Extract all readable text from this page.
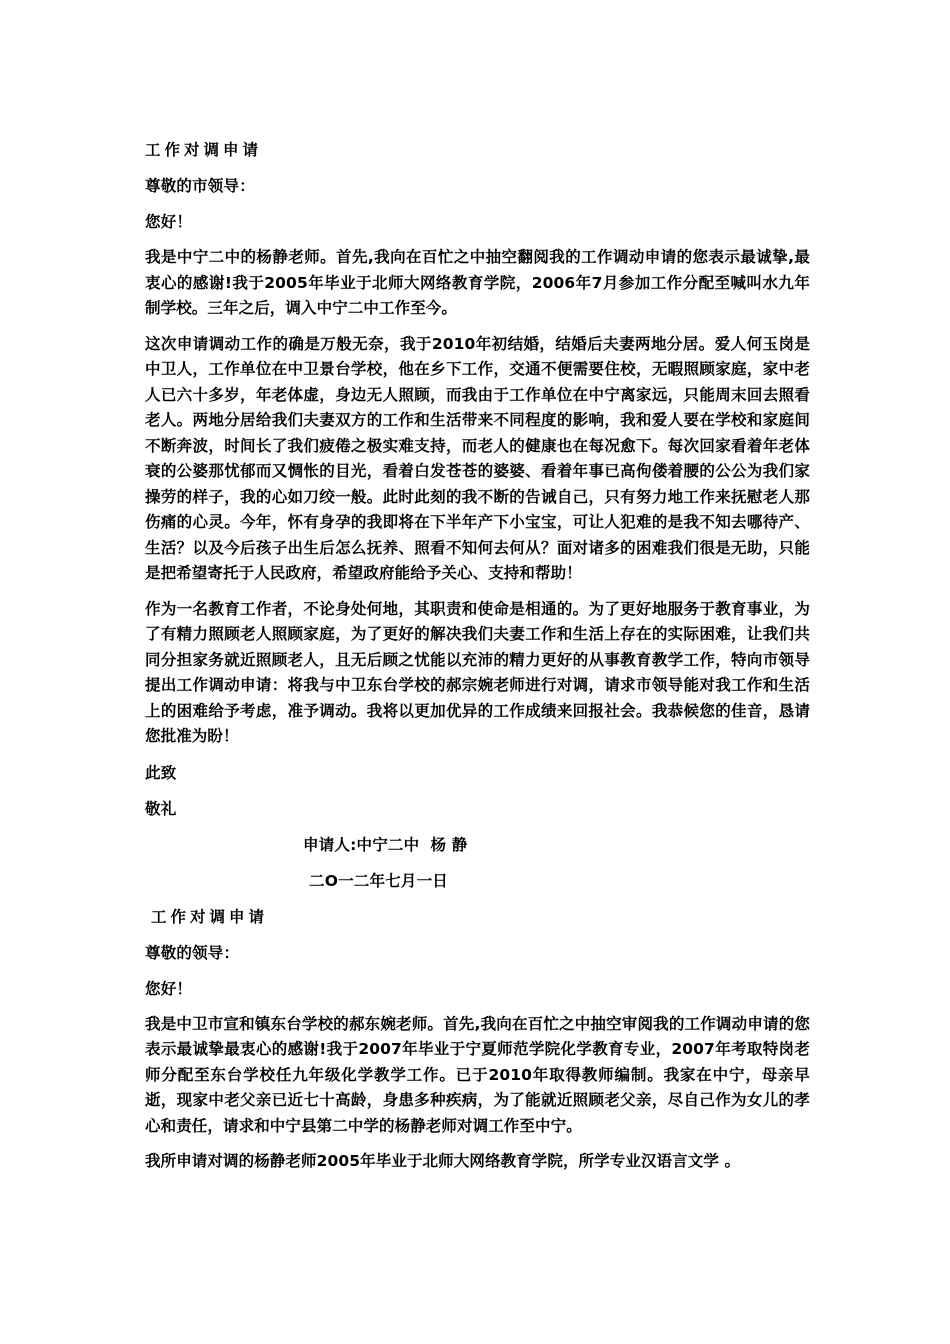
工作对调申请
尊敬的市领导：
您好！
我是中宁二中的杨静老师。首先,我向在百忙之中抽空翻阅我的工作调动申请的您表示最诚挚,最衷心的感谢!我于2005年毕业于北师大网络教育学院，2006年7月参加工作分配至喊叫水九年制学校。三年之后，调入中宁二中工作至今。
这次申请调动工作的确是万般无奈，我于2010年初结婚，结婚后夫妻两地分居。爱人何玉岗是中卫人，工作单位在中卫景台学校，他在乡下工作，交通不便需要住校，无暇照顾家庭，家中老人已六十多岁，年老体虚，身边无人照顾，而我由于工作单位在中宁离家远，只能周末回去照看老人。两地分居给我们夫妻双方的工作和生活带来不同程度的影响，我和爱人要在学校和家庭间不断奔波，时间长了我们疲倦之极实难支持，而老人的健康也在每况愈下。每次回家看着年老体衰的公婆那忧郁而又惆怅的目光，看着白发苍苍的婆婆、看着年事已高佝偻着腰的公公为我们家操劳的样子，我的心如刀绞一般。此时此刻的我不断的告诫自己，只有努力地工作来抚慰老人那伤痛的心灵。今年，怀有身孕的我即将在下半年产下小宝宝，可让人犯难的是我不知去哪待产、生活？以及今后孩子出生后怎么抚养、照看不知何去何从？面对诸多的困难我们很是无助，只能是把希望寄托于人民政府，希望政府能给予关心、支持和帮助！
作为一名教育工作者，不论身处何地，其职责和使命是相通的。为了更好地服务于教育事业，为了有精力照顾老人照顾家庭，为了更好的解决我们夫妻工作和生活上存在的实际困难，让我们共同分担家务就近照顾老人，且无后顾之忧能以充沛的精力更好的从事教育教学工作，特向市领导提出工作调动申请：将我与中卫东台学校的郝宗婉老师进行对调，请求市领导能对我工作和生活上的困难给予考虑，准予调动。我将以更加优异的工作成绩来回报社会。我恭候您的佳音，恳请您批准为盼！
此致
敬礼
申请人:中宁二中  杨 静
二O一二年七月一日
工作对调申请
尊敬的领导：
您好！
我是中卫市宣和镇东台学校的郝东婉老师。首先,我向在百忙之中抽空审阅我的工作调动申请的您表示最诚挚最衷心的感谢!我于2007年毕业于宁夏师范学院化学教育专业，2007年考取特岗老师分配至东台学校任九年级化学教学工作。已于2010年取得教师编制。我家在中宁，母亲早逝，现家中老父亲已近七十高龄，身患多种疾病，为了能就近照顾老父亲，尽自己作为女儿的孝心和责任，请求和中宁县第二中学的杨静老师对调工作至中宁。
我所申请对调的杨静老师2005年毕业于北师大网络教育学院，所学专业汉语言文学 。
